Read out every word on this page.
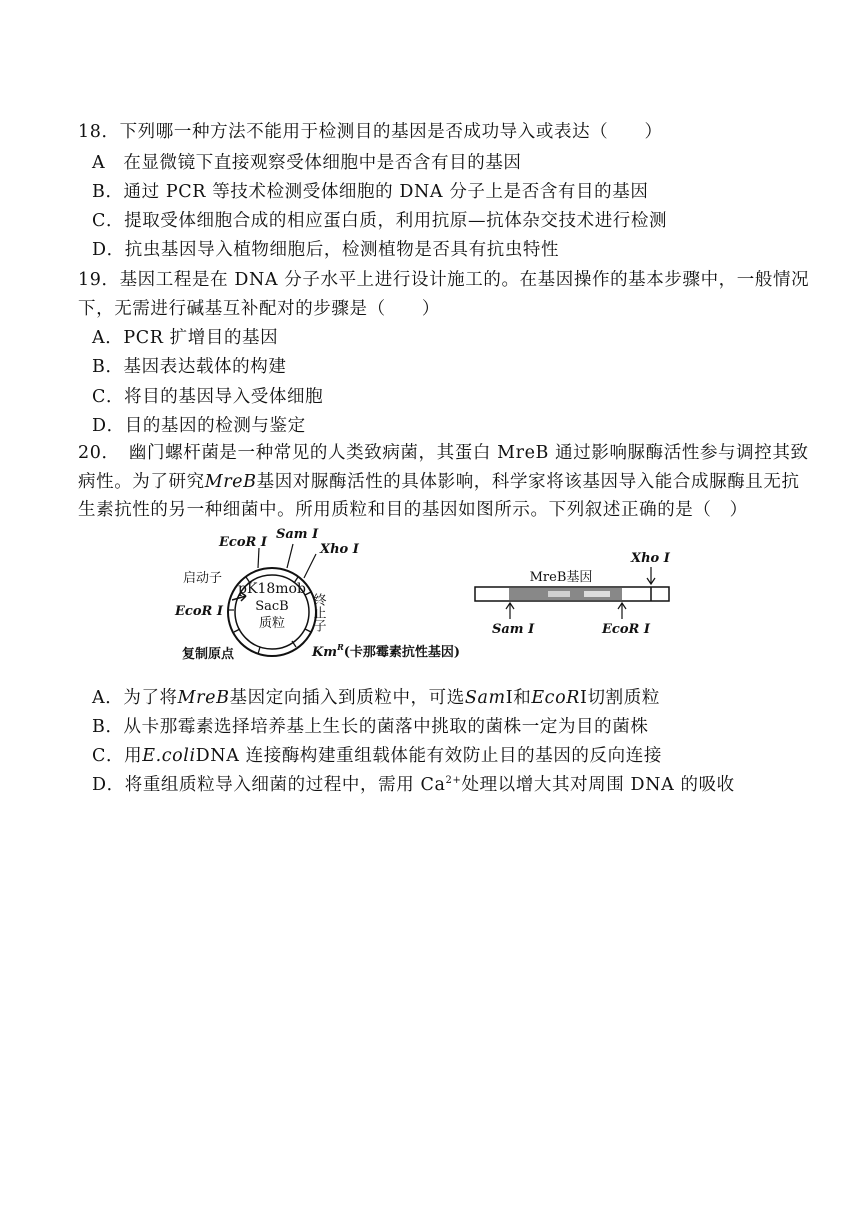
18．下列哪一种方法不能用于检测目的基因是否成功导入或表达（　　）
A　在显微镜下直接观察受体细胞中是否含有目的基因
B．通过 PCR 等技术检测受体细胞的 DNA 分子上是否含有目的基因
C．提取受体细胞合成的相应蛋白质，利用抗原—抗体杂交技术进行检测
D．抗虫基因导入植物细胞后，检测植物是否具有抗虫特性
19．基因工程是在 DNA 分子水平上进行设计施工的。在基因操作的基本步骤中，一般情况
下，无需进行碱基互补配对的步骤是（　　）
A．PCR 扩增目的基因
B．基因表达载体的构建
C．将目的基因导入受体细胞
D．目的基因的检测与鉴定
20．　幽门螺杆菌是一种常见的人类致病菌，其蛋白 MreB 通过影响脲酶活性参与调控其致
病性。为了研究MreB基因对脲酶活性的具体影响，科学家将该基因导入能合成脲酶且无抗
生素抗性的另一种细菌中。所用质粒和目的基因如图所示。下列叙述正确的是（　）
pK18mob
SacB
质粒
EcoR Ⅰ
Sam Ⅰ
Xho Ⅰ
启动子
EcoR Ⅰ	终止子
复制原点	$Km^R$(卡那霉素抗性基因)
MreB基因
Xho Ⅰ
Sam Ⅰ	EcoR Ⅰ
A．为了将MreB基因定向插入到质粒中，可选SamⅠ和EcoRⅠ切割质粒
B．从卡那霉素选择培养基上生长的菌落中挑取的菌株一定为目的菌株
C．用E.coliDNA 连接酶构建重组载体能有效防止目的基因的反向连接
D．将重组质粒导入细菌的过程中，需用 $Ca^{2+}$处理以增大其对周围 DNA 的吸收
